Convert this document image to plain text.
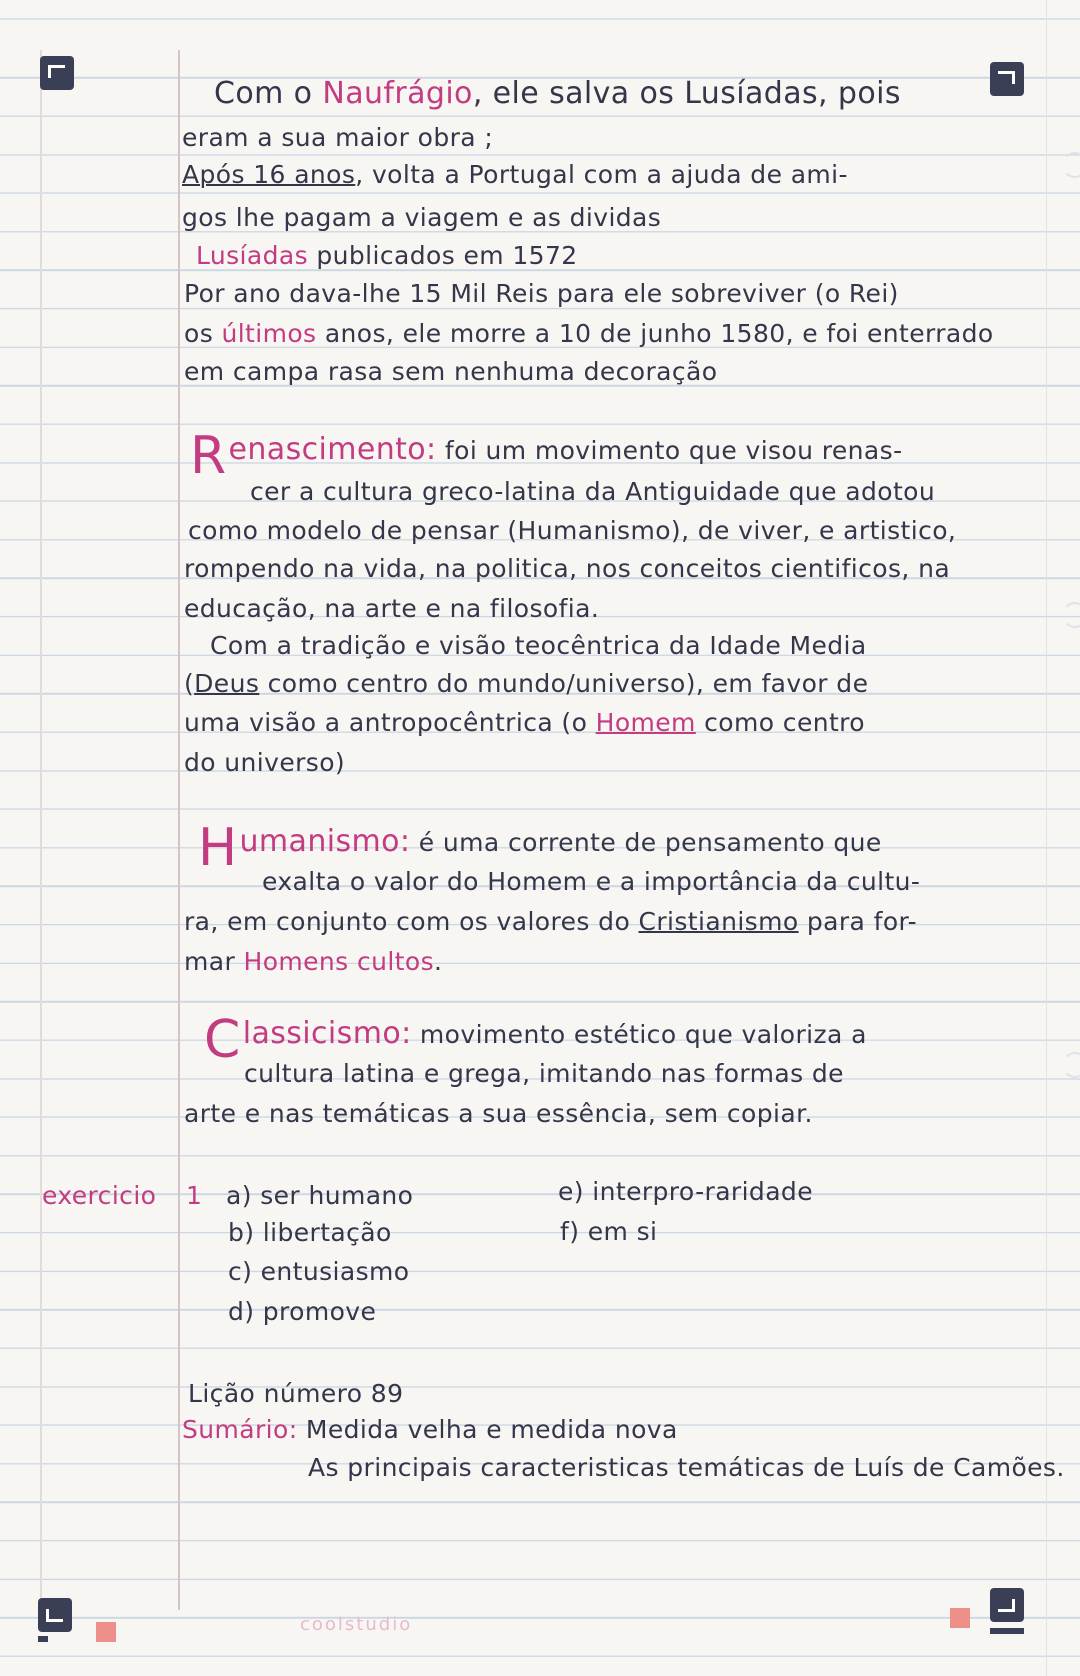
Com o Naufrágio, ele salva os Lusíadas, pois
eram a sua maior obra ;
Após 16 anos, volta a Portugal com a ajuda de ami-
gos lhe pagam a viagem e as dividas
Lusíadas publicados em 1572
Por ano dava-lhe 15 Mil Reis para ele sobreviver (o Rei)
os últimos anos, ele morre a 10 de junho 1580, e foi enterrado
em campa rasa sem nenhuma decoração
Renascimento: foi um movimento que visou renas-
cer a cultura greco-latina da Antiguidade que adotou
como modelo de pensar (Humanismo), de viver, e artistico,
rompendo na vida, na politica, nos conceitos cientificos, na
educação, na arte e na filosofia.
Com a tradição e visão teocêntrica da Idade Media
(Deus como centro do mundo/universo), em favor de
uma visão a antropocêntrica (o Homem como centro
do universo)
Humanismo: é uma corrente de pensamento que
exalta o valor do Homem e a importância da cultu-
ra, em conjunto com os valores do Cristianismo para for-
mar Homens cultos.
Classicismo: movimento estético que valoriza a
cultura latina e grega, imitando nas formas de
arte e nas temáticas a sua essência, sem copiar.
exercicio 1 a) ser humano
b) libertação
c) entusiasmo
d) promove
e) interpro-raridade
f) em si
Lição número 89
Sumário: Medida velha e medida nova
As principais caracteristicas temáticas de Luís de Camões.
coolstudio
